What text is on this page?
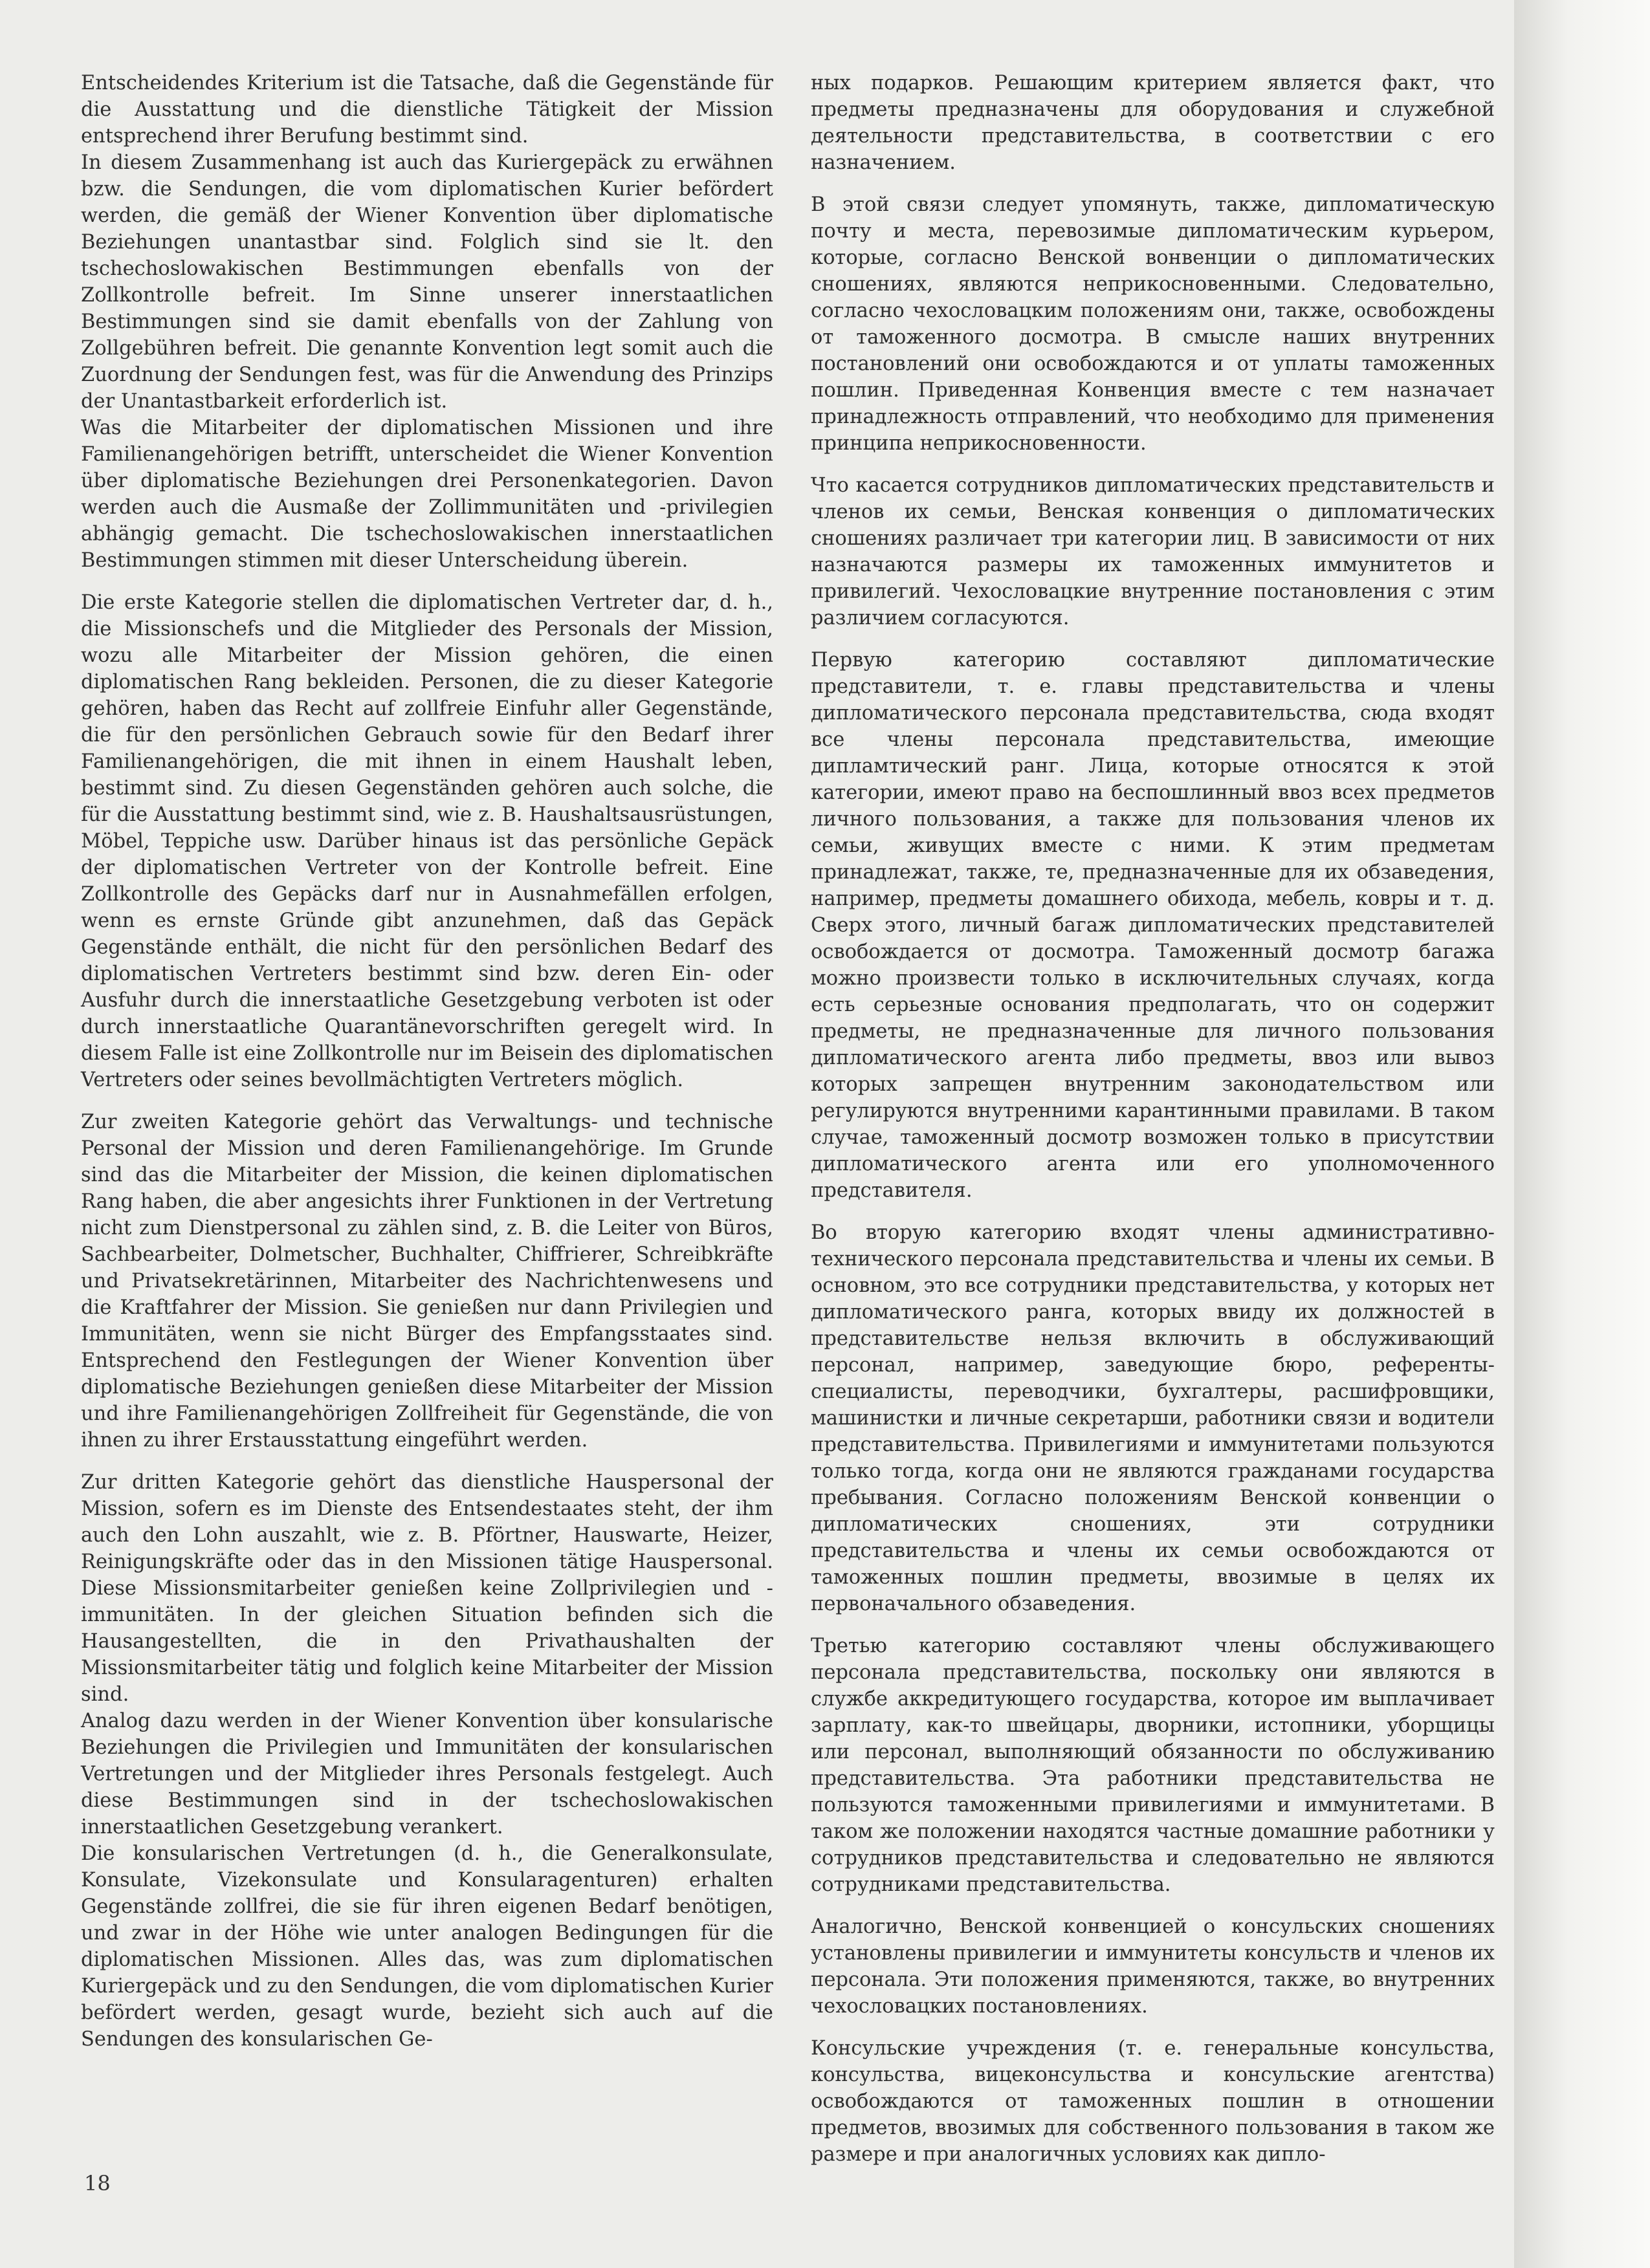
Entscheidendes Kriterium ist die Tatsache, daß die Gegenstände für die Ausstattung und die dienstliche Tätigkeit der Mission entsprechend ihrer Berufung bestimmt sind.

In diesem Zusammenhang ist auch das Kuriergepäck zu erwähnen bzw. die Sendungen, die vom diplomatischen Kurier befördert werden, die gemäß der Wiener Konvention über diplomatische Beziehungen unantastbar sind. Folglich sind sie lt. den tschechoslowakischen Bestimmungen ebenfalls von der Zollkontrolle befreit. Im Sinne unserer innerstaatlichen Bestimmungen sind sie damit ebenfalls von der Zahlung von Zollgebühren befreit. Die genannte Konvention legt somit auch die Zuordnung der Sendungen fest, was für die Anwendung des Prinzips der Unantastbarkeit erforderlich ist.

Was die Mitarbeiter der diplomatischen Missionen und ihre Familienangehörigen betrifft, unterscheidet die Wiener Konvention über diplomatische Beziehungen drei Personenkategorien. Davon werden auch die Ausmaße der Zollimmunitäten und -privilegien abhängig gemacht. Die tschechoslowakischen innerstaatlichen Bestimmungen stimmen mit dieser Unterscheidung überein.

Die erste Kategorie stellen die diplomatischen Vertreter dar, d. h., die Missionschefs und die Mitglieder des Personals der Mission, wozu alle Mitarbeiter der Mission gehören, die einen diplomatischen Rang bekleiden. Personen, die zu dieser Kategorie gehören, haben das Recht auf zollfreie Einfuhr aller Gegenstände, die für den persönlichen Gebrauch sowie für den Bedarf ihrer Familienangehörigen, die mit ihnen in einem Haushalt leben, bestimmt sind. Zu diesen Gegenständen gehören auch solche, die für die Ausstattung bestimmt sind, wie z. B. Haushaltsausrüstungen, Möbel, Teppiche usw. Darüber hinaus ist das persönliche Gepäck der diplomatischen Vertreter von der Kontrolle befreit. Eine Zollkontrolle des Gepäcks darf nur in Ausnahmefällen erfolgen, wenn es ernste Gründe gibt anzunehmen, daß das Gepäck Gegenstände enthält, die nicht für den persönlichen Bedarf des diplomatischen Vertreters bestimmt sind bzw. deren Ein- oder Ausfuhr durch die innerstaatliche Gesetzgebung verboten ist oder durch innerstaatliche Quarantänevorschriften geregelt wird. In diesem Falle ist eine Zollkontrolle nur im Beisein des diplomatischen Vertreters oder seines bevollmächtigten Vertreters möglich.

Zur zweiten Kategorie gehört das Verwaltungs- und technische Personal der Mission und deren Familienangehörige. Im Grunde sind das die Mitarbeiter der Mission, die keinen diplomatischen Rang haben, die aber angesichts ihrer Funktionen in der Vertretung nicht zum Dienstpersonal zu zählen sind, z. B. die Leiter von Büros, Sachbearbeiter, Dolmetscher, Buchhalter, Chiffrierer, Schreibkräfte und Privatsekretärinnen, Mitarbeiter des Nachrichtenwesens und die Kraftfahrer der Mission. Sie genießen nur dann Privilegien und Immunitäten, wenn sie nicht Bürger des Empfangsstaates sind. Entsprechend den Festlegungen der Wiener Konvention über diplomatische Beziehungen genießen diese Mitarbeiter der Mission und ihre Familienangehörigen Zollfreiheit für Gegenstände, die von ihnen zu ihrer Erstausstattung eingeführt werden.

Zur dritten Kategorie gehört das dienstliche Hauspersonal der Mission, sofern es im Dienste des Entsendestaates steht, der ihm auch den Lohn auszahlt, wie z. B. Pförtner, Hauswarte, Heizer, Reinigungskräfte oder das in den Missionen tätige Hauspersonal. Diese Missionsmitarbeiter genießen keine Zollprivilegien und -immunitäten. In der gleichen Situation befinden sich die Hausangestellten, die in den Privathaushalten der Missionsmitarbeiter tätig und folglich keine Mitarbeiter der Mission sind.

Analog dazu werden in der Wiener Konvention über konsularische Beziehungen die Privilegien und Immunitäten der konsularischen Vertretungen und der Mitglieder ihres Personals festgelegt. Auch diese Bestimmungen sind in der tschechoslowakischen innerstaatlichen Gesetzgebung verankert.

Die konsularischen Vertretungen (d. h., die Generalkonsulate, Konsulate, Vizekonsulate und Konsularagenturen) erhalten Gegenstände zollfrei, die sie für ihren eigenen Bedarf benötigen, und zwar in der Höhe wie unter analogen Bedingungen für die diplomatischen Missionen. Alles das, was zum diplomatischen Kuriergepäck und zu den Sendungen, die vom diplomatischen Kurier befördert werden, gesagt wurde, bezieht sich auch auf die Sendungen des konsularischen Ge-

ных подарков. Решающим критерием является факт, что предметы предназначены для оборудования и служебной деятельности представительства, в соответствии с его назначением.

В этой связи следует упомянуть, также, дипломатическую почту и места, перевозимые дипломатическим курьером, которые, согласно Венской вонвенции о дипломатических сношениях, являются неприкосновенными. Следовательно, согласно чехословацким положениям они, также, освобождены от таможенного досмотра. В смысле наших внутренних постановлений они освобождаются и от уплаты таможенных пошлин. Приведенная Конвенция вместе с тем назначает принадлежность отправлений, что необходимо для применения принципа неприкосновенности.

Что касается сотрудников дипломатических представительств и членов их семьи, Венская конвенция о дипломатических сношениях различает три категории лиц. В зависимости от них назначаются размеры их таможенных иммунитетов и привилегий. Чехословацкие внутренние постановления с этим различием согласуются.

Первую категорию составляют дипломатические представители, т. е. главы представительства и члены дипломатического персонала представительства, сюда входят все члены персонала представительства, имеющие дипламтический ранг. Лица, которые относятся к этой категории, имеют право на беспошлинный ввоз всех предметов личного пользования, а также для пользования членов их семьи, живущих вместе с ними. К этим предметам принадлежат, также, те, предназначенные для их обзаведения, например, предметы домашнего обихода, мебель, ковры и т. д. Сверх этого, личный багаж дипломатических представителей освобождается от досмотра. Таможенный досмотр багажа можно произвести только в исключительных случаях, когда есть серьезные основания предполагать, что он содержит предметы, не предназначенные для личного пользования дипломатического агента либо предметы, ввоз или вывоз которых запрещен внутренним законодательством или регулируются внутренними карантинными правилами. В таком случае, таможенный досмотр возможен только в присутствии дипломатического агента или его уполномоченного представителя.

Во вторую категорию входят члены административно-технического персонала представительства и члены их семьи. В основном, это все сотрудники представительства, у которых нет дипломатического ранга, которых ввиду их должностей в представительстве нельзя включить в обслуживающий персонал, например, заведующие бюро, референты-специалисты, переводчики, бухгалтеры, расшифровщики, машинистки и личные секретарши, работники связи и водители представительства. Привилегиями и иммунитетами пользуются только тогда, когда они не являются гражданами государства пребывания. Согласно положениям Венской конвенции о дипломатических сношениях, эти сотрудники представительства и члены их семьи освобождаются от таможенных пошлин предметы, ввозимые в целях их первоначального обзаведения.

Третью категорию составляют члены обслуживающего персонала представительства, поскольку они являются в службе аккредитующего государства, которое им выплачивает зарплату, как-то швейцары, дворники, истопники, уборщицы или персонал, выполняющий обязанности по обслуживанию представительства. Эта работники представительства не пользуются таможенными привилегиями и иммунитетами. В таком же положении находятся частные домашние работники у сотрудников представительства и следовательно не являются сотрудниками представительства.

Аналогично, Венской конвенцией о консульских сношениях установлены привилегии и иммунитеты консульств и членов их персонала. Эти положения применяются, также, во внутренних чехословацких постановлениях.

Консульские учреждения (т. е. генеральные консульства, консульства, вицеконсульства и консульские агентства) освобождаются от таможенных пошлин в отношении предметов, ввозимых для собственного пользования в таком же размере и при аналогичных условиях как дипло-

18
